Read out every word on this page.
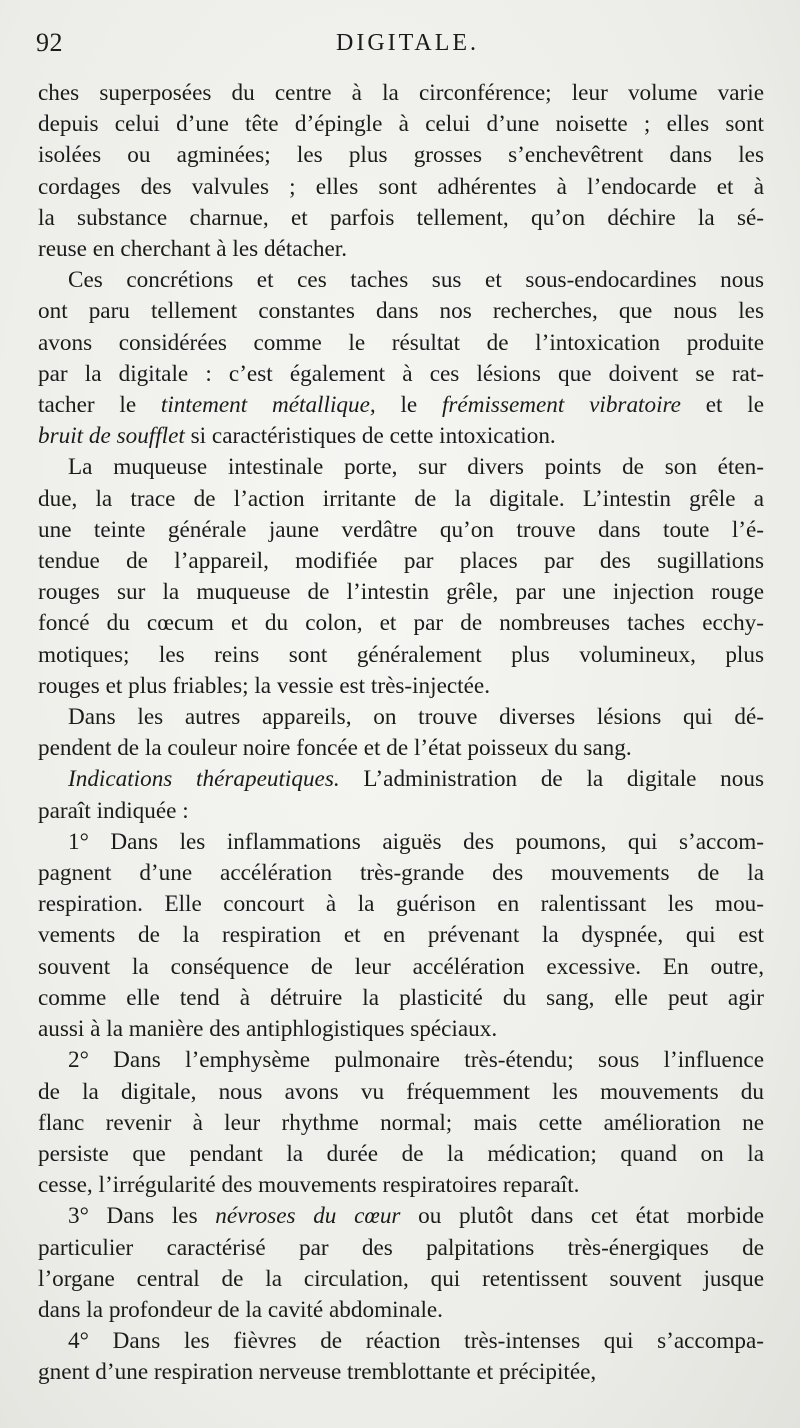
92	DIGITALE.
ches superposées du centre à la circonférence; leur volume varie
depuis celui d’une tête d’épingle à celui d’une noisette ; elles sont
isolées ou agminées; les plus grosses s’enchevêtrent dans les
cordages des valvules ; elles sont adhérentes à l’endocarde et à
la substance charnue, et parfois tellement, qu’on déchire la sé-
reuse en cherchant à les détacher.
Ces concrétions et ces taches sus et sous-endocardines nous
ont paru tellement constantes dans nos recherches, que nous les
avons considérées comme le résultat de l’intoxication produite
par la digitale : c’est également à ces lésions que doivent se rat-
tacher le tintement métallique, le frémissement vibratoire et le
bruit de soufflet si caractéristiques de cette intoxication.
La muqueuse intestinale porte, sur divers points de son éten-
due, la trace de l’action irritante de la digitale. L’intestin grêle a
une teinte générale jaune verdâtre qu’on trouve dans toute l’é-
tendue de l’appareil, modifiée par places par des sugillations
rouges sur la muqueuse de l’intestin grêle, par une injection rouge
foncé du cœcum et du colon, et par de nombreuses taches ecchy-
motiques; les reins sont généralement plus volumineux, plus
rouges et plus friables; la vessie est très-injectée.
Dans les autres appareils, on trouve diverses lésions qui dé-
pendent de la couleur noire foncée et de l’état poisseux du sang.
Indications thérapeutiques. L’administration de la digitale nous
paraît indiquée :
1° Dans les inflammations aiguës des poumons, qui s’accom-
pagnent d’une accélération très-grande des mouvements de la
respiration. Elle concourt à la guérison en ralentissant les mou-
vements de la respiration et en prévenant la dyspnée, qui est
souvent la conséquence de leur accélération excessive. En outre,
comme elle tend à détruire la plasticité du sang, elle peut agir
aussi à la manière des antiphlogistiques spéciaux.
2° Dans l’emphysème pulmonaire très-étendu; sous l’influence
de la digitale, nous avons vu fréquemment les mouvements du
flanc revenir à leur rhythme normal; mais cette amélioration ne
persiste que pendant la durée de la médication; quand on la
cesse, l’irrégularité des mouvements respiratoires reparaît.
3° Dans les névroses du cœur ou plutôt dans cet état morbide
particulier caractérisé par des palpitations très-énergiques de
l’organe central de la circulation, qui retentissent souvent jusque
dans la profondeur de la cavité abdominale.
4° Dans les fièvres de réaction très-intenses qui s’accompa-
gnent d’une respiration nerveuse tremblottante et précipitée,
